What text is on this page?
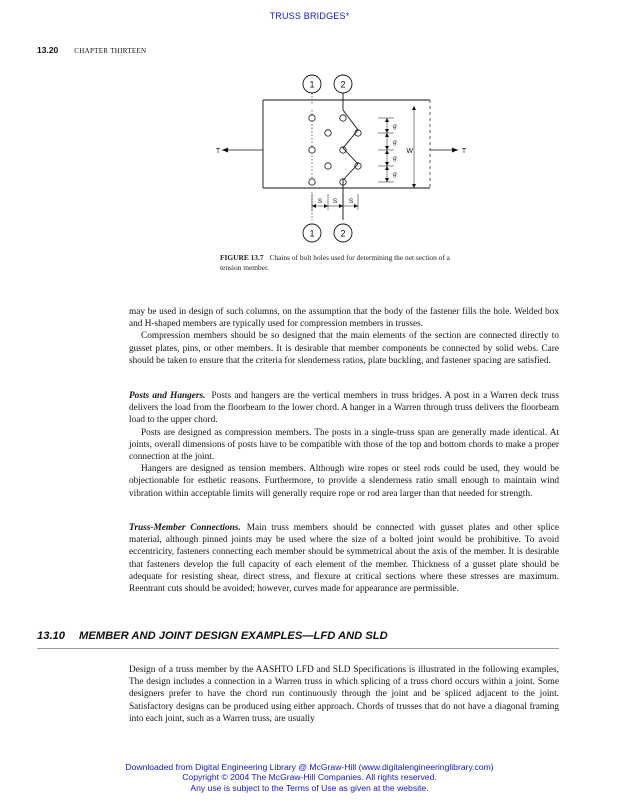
TRUSS BRIDGES*
13.20 CHAPTER THIRTEEN
1	2
T	T
g
g
g
g
W
S S S
1	2
FIGURE 13.7 Chains of bolt holes used for determining the net section of a tension member.

may be used in design of such columns, on the assumption that the body of the fastener fills the hole. Welded box and H-shaped members are typically used for compression members in trusses.

Compression members should be so designed that the main elements of the section are connected directly to gusset plates, pins, or other members. It is desirable that member components be connected by solid webs. Care should be taken to ensure that the criteria for slenderness ratios, plate buckling, and fastener spacing are satisfied.

Posts and Hangers. Posts and hangers are the vertical members in truss bridges. A post in a Warren deck truss delivers the load from the floorbeam to the lower chord. A hanger in a Warren through truss delivers the floorbeam load to the upper chord.

Posts are designed as compression members. The posts in a single-truss span are generally made identical. At joints, overall dimensions of posts have to be compatible with those of the top and bottom chords to make a proper connection at the joint.

Hangers are designed as tension members. Although wire ropes or steel rods could be used, they would be objectionable for esthetic reasons. Furthermore, to provide a slenderness ratio small enough to maintain wind vibration within acceptable limits will generally require rope or rod area larger than that needed for strength.

Truss-Member Connections. Main truss members should be connected with gusset plates and other splice material, although pinned joints may be used where the size of a bolted joint would be prohibitive. To avoid eccentricity, fasteners connecting each member should be symmetrical about the axis of the member. It is desirable that fasteners develop the full capacity of each element of the member. Thickness of a gusset plate should be adequate for resisting shear, direct stress, and flexure at critical sections where these stresses are maximum. Reentrant cuts should be avoided; however, curves made for appearance are permissible.

13.10 MEMBER AND JOINT DESIGN EXAMPLES—LFD AND SLD

Design of a truss member by the AASHTO LFD and SLD Specifications is illustrated in the following examples, The design includes a connection in a Warren truss in which splicing of a truss chord occurs within a joint. Some designers prefer to have the chord run continuously through the joint and be spliced adjacent to the joint. Satisfactory designs can be produced using either approach. Chords of trusses that do not have a diagonal framing into each joint, such as a Warren truss, are usually

Downloaded from Digital Engineering Library @ McGraw-Hill (www.digitalengineeringlibrary.com)
Copyright © 2004 The McGraw-Hill Companies. All rights reserved.
Any use is subject to the Terms of Use as given at the website.
